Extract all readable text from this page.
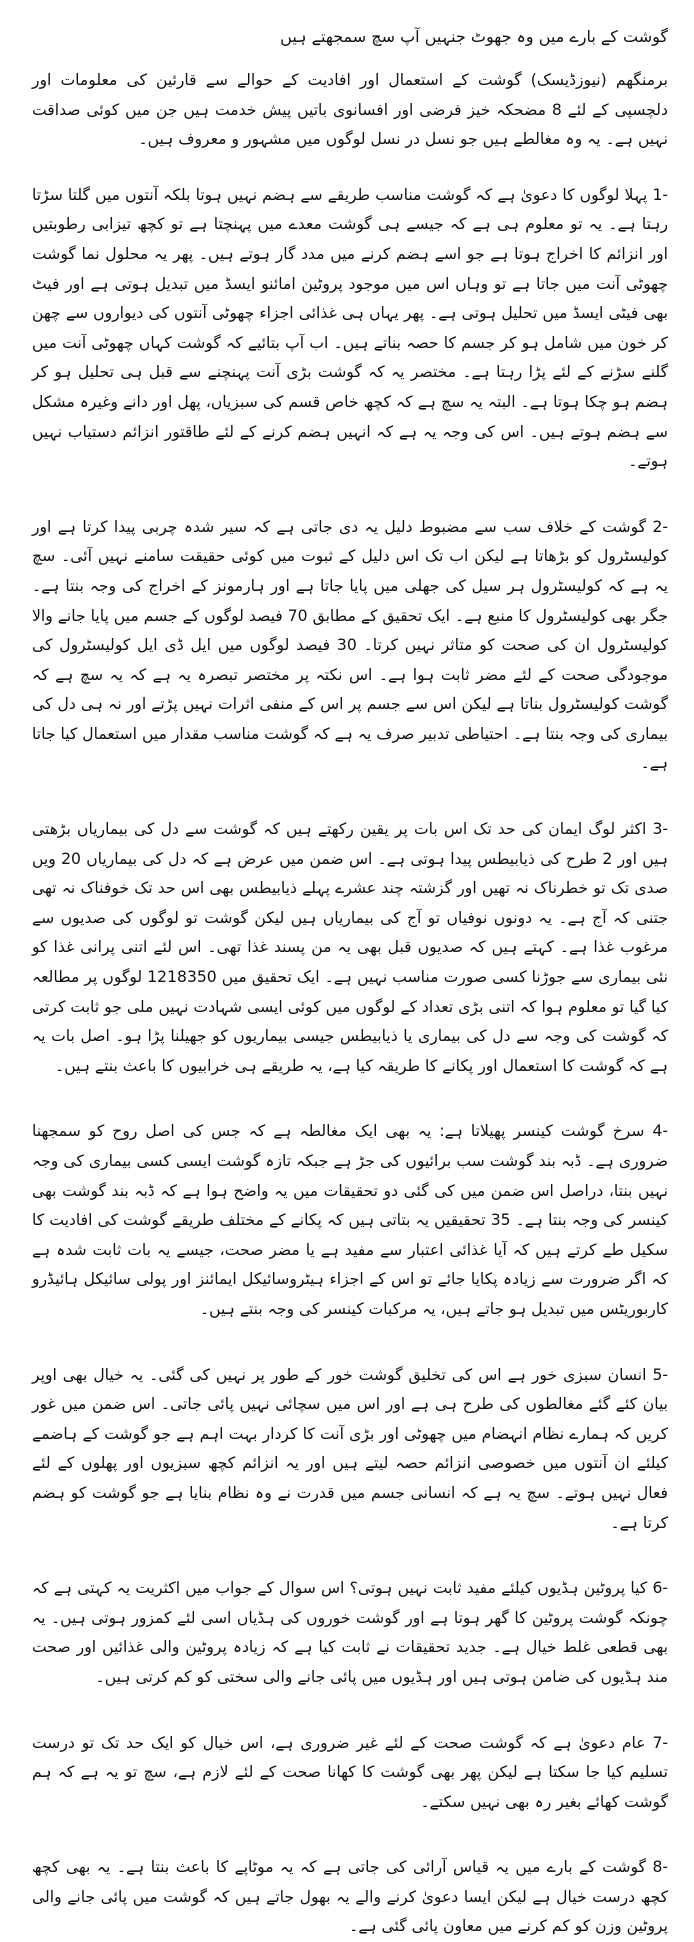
گوشت کے بارے میں وہ جھوٹ جنہیں آپ سچ سمجھتے ہیں

برمنگھم (نیوزڈیسک) گوشت کے استعمال اور افادیت کے حوالے سے قارئین کی معلومات اور دلچسپی کے لئے 8 مضحکہ خیز فرضی اور افسانوی باتیں پیش خدمت ہیں جن میں کوئی صداقت نہیں ہے۔ یہ وہ مغالطے ہیں جو نسل در نسل لوگوں میں مشہور و معروف ہیں۔

-1 پہلا لوگوں کا دعویٰ ہے کہ گوشت مناسب طریقے سے ہضم نہیں ہوتا بلکہ آنتوں میں گلتا سڑتا رہتا ہے۔ یہ تو معلوم ہی ہے کہ جیسے ہی گوشت معدے میں پہنچتا ہے تو کچھ تیزابی رطوبتیں اور انزائم کا اخراج ہوتا ہے جو اسے ہضم کرنے میں مدد گار ہوتے ہیں۔ پھر یہ محلول نما گوشت چھوٹی آنت میں جاتا ہے تو وہاں اس میں موجود پروٹین امائنو ایسڈ میں تبدیل ہوتی ہے اور فیٹ بھی فیٹی ایسڈ میں تحلیل ہوتی ہے۔ پھر یہاں ہی غذائی اجزاء چھوٹی آنتوں کی دیواروں سے چھن کر خون میں شامل ہو کر جسم کا حصہ بناتے ہیں۔ اب آپ بتائیے کہ گوشت کہاں چھوٹی آنت میں گلنے سڑنے کے لئے پڑا رہتا ہے۔ مختصر یہ کہ گوشت بڑی آنت پہنچنے سے قبل ہی تحلیل ہو کر ہضم ہو چکا ہوتا ہے۔ البتہ یہ سچ ہے کہ کچھ خاص قسم کی سبزیاں، پھل اور دانے وغیرہ مشکل سے ہضم ہوتے ہیں۔ اس کی وجہ یہ ہے کہ انہیں ہضم کرنے کے لئے طاقتور انزائم دستیاب نہیں ہوتے۔

-2 گوشت کے خلاف سب سے مضبوط دلیل یہ دی جاتی ہے کہ سیر شدہ چربی پیدا کرتا ہے اور کولیسٹرول کو بڑھاتا ہے لیکن اب تک اس دلیل کے ثبوت میں کوئی حقیقت سامنے نہیں آئی۔ سچ یہ ہے کہ کولیسٹرول ہر سیل کی جھلی میں پایا جاتا ہے اور ہارمونز کے اخراج کی وجہ بنتا ہے۔ جگر بھی کولیسٹرول کا منبع ہے۔ ایک تحقیق کے مطابق 70 فیصد لوگوں کے جسم میں پایا جانے والا کولیسٹرول ان کی صحت کو متاثر نہیں کرتا۔ 30 فیصد لوگوں میں ایل ڈی ایل کولیسٹرول کی موجودگی صحت کے لئے مضر ثابت ہوا ہے۔ اس نکتہ پر مختصر تبصرہ یہ ہے کہ یہ سچ ہے کہ گوشت کولیسٹرول بناتا ہے لیکن اس سے جسم پر اس کے منفی اثرات نہیں پڑتے اور نہ ہی دل کی بیماری کی وجہ بنتا ہے۔ احتیاطی تدبیر صرف یہ ہے کہ گوشت مناسب مقدار میں استعمال کیا جاتا ہے۔

-3 اکثر لوگ ایمان کی حد تک اس بات پر یقین رکھتے ہیں کہ گوشت سے دل کی بیماریاں بڑھتی ہیں اور 2 طرح کی ذیابیطس پیدا ہوتی ہے۔ اس ضمن میں عرض ہے کہ دل کی بیماریاں 20 ویں صدی تک تو خطرناک نہ تھیں اور گزشتہ چند عشرے پہلے ذیابیطس بھی اس حد تک خوفناک نہ تھی جتنی کہ آج ہے۔ یہ دونوں نوفیاں تو آج کی بیماریاں ہیں لیکن گوشت تو لوگوں کی صدیوں سے مرغوب غذا ہے۔ کہتے ہیں کہ صدیوں قبل بھی یہ من پسند غذا تھی۔ اس لئے اتنی پرانی غذا کو نئی بیماری سے جوڑنا کسی صورت مناسب نہیں ہے۔ ایک تحقیق میں 1218350 لوگوں پر مطالعہ کیا گیا تو معلوم ہوا کہ اتنی بڑی تعداد کے لوگوں میں کوئی ایسی شہادت نہیں ملی جو ثابت کرتی کہ گوشت کی وجہ سے دل کی بیماری یا ذیابیطس جیسی بیماریوں کو جھیلنا پڑا ہو۔ اصل بات یہ ہے کہ گوشت کا استعمال اور پکانے کا طریقہ کیا ہے، یہ طریقے ہی خرابیوں کا باعث بنتے ہیں۔

-4 سرخ گوشت کینسر پھیلاتا ہے: یہ بھی ایک مغالطہ ہے کہ جس کی اصل روح کو سمجھنا ضروری ہے۔ ڈبہ بند گوشت سب برائیوں کی جڑ ہے جبکہ تازہ گوشت ایسی کسی بیماری کی وجہ نہیں بنتا، دراصل اس ضمن میں کی گئی دو تحقیقات میں یہ واضح ہوا ہے کہ ڈبہ بند گوشت بھی کینسر کی وجہ بنتا ہے۔ 35 تحقیقیں یہ بتاتی ہیں کہ پکانے کے مختلف طریقے گوشت کی افادیت کا سکیل طے کرتے ہیں کہ آیا غذائی اعتبار سے مفید ہے یا مضر صحت، جیسے یہ بات ثابت شدہ ہے کہ اگر ضرورت سے زیادہ پکایا جائے تو اس کے اجزاء ہیٹروسائیکل ایمائنز اور پولی سائیکل ہائیڈرو کاربوریٹس میں تبدیل ہو جاتے ہیں، یہ مرکبات کینسر کی وجہ بنتے ہیں۔

-5 انسان سبزی خور ہے اس کی تخلیق گوشت خور کے طور پر نہیں کی گئی۔ یہ خیال بھی اوپر بیان کئے گئے مغالطوں کی طرح ہی ہے اور اس میں سچائی نہیں پائی جاتی۔ اس ضمن میں غور کریں کہ ہمارے نظام انہضام میں چھوٹی اور بڑی آنت کا کردار بہت اہم ہے جو گوشت کے ہاضمے کیلئے ان آنتوں میں خصوصی انزائم حصہ لیتے ہیں اور یہ انزائم کچھ سبزیوں اور پھلوں کے لئے فعال نہیں ہوتے۔ سچ یہ ہے کہ انسانی جسم میں قدرت نے وہ نظام بنایا ہے جو گوشت کو ہضم کرتا ہے۔

-6 کیا پروٹین ہڈیوں کیلئے مفید ثابت نہیں ہوتی؟ اس سوال کے جواب میں اکثریت یہ کہتی ہے کہ چونکہ گوشت پروٹین کا گھر ہوتا ہے اور گوشت خوروں کی ہڈیاں اسی لئے کمزور ہوتی ہیں۔ یہ بھی قطعی غلط خیال ہے۔ جدید تحقیقات نے ثابت کیا ہے کہ زیادہ پروٹین والی غذائیں اور صحت مند ہڈیوں کی ضامن ہوتی ہیں اور ہڈیوں میں پائی جانے والی سختی کو کم کرتی ہیں۔

-7 عام دعویٰ ہے کہ گوشت صحت کے لئے غیر ضروری ہے، اس خیال کو ایک حد تک تو درست تسلیم کیا جا سکتا ہے لیکن پھر بھی گوشت کا کھانا صحت کے لئے لازم ہے، سچ تو یہ ہے کہ ہم گوشت کھائے بغیر رہ بھی نہیں سکتے۔

-8 گوشت کے بارے میں یہ قیاس آرائی کی جاتی ہے کہ یہ موٹاپے کا باعث بنتا ہے۔ یہ بھی کچھ کچھ درست خیال ہے لیکن ایسا دعویٰ کرنے والے یہ بھول جاتے ہیں کہ گوشت میں پائی جانے والی پروٹین وزن کو کم کرنے میں معاون پائی گئی ہے۔
